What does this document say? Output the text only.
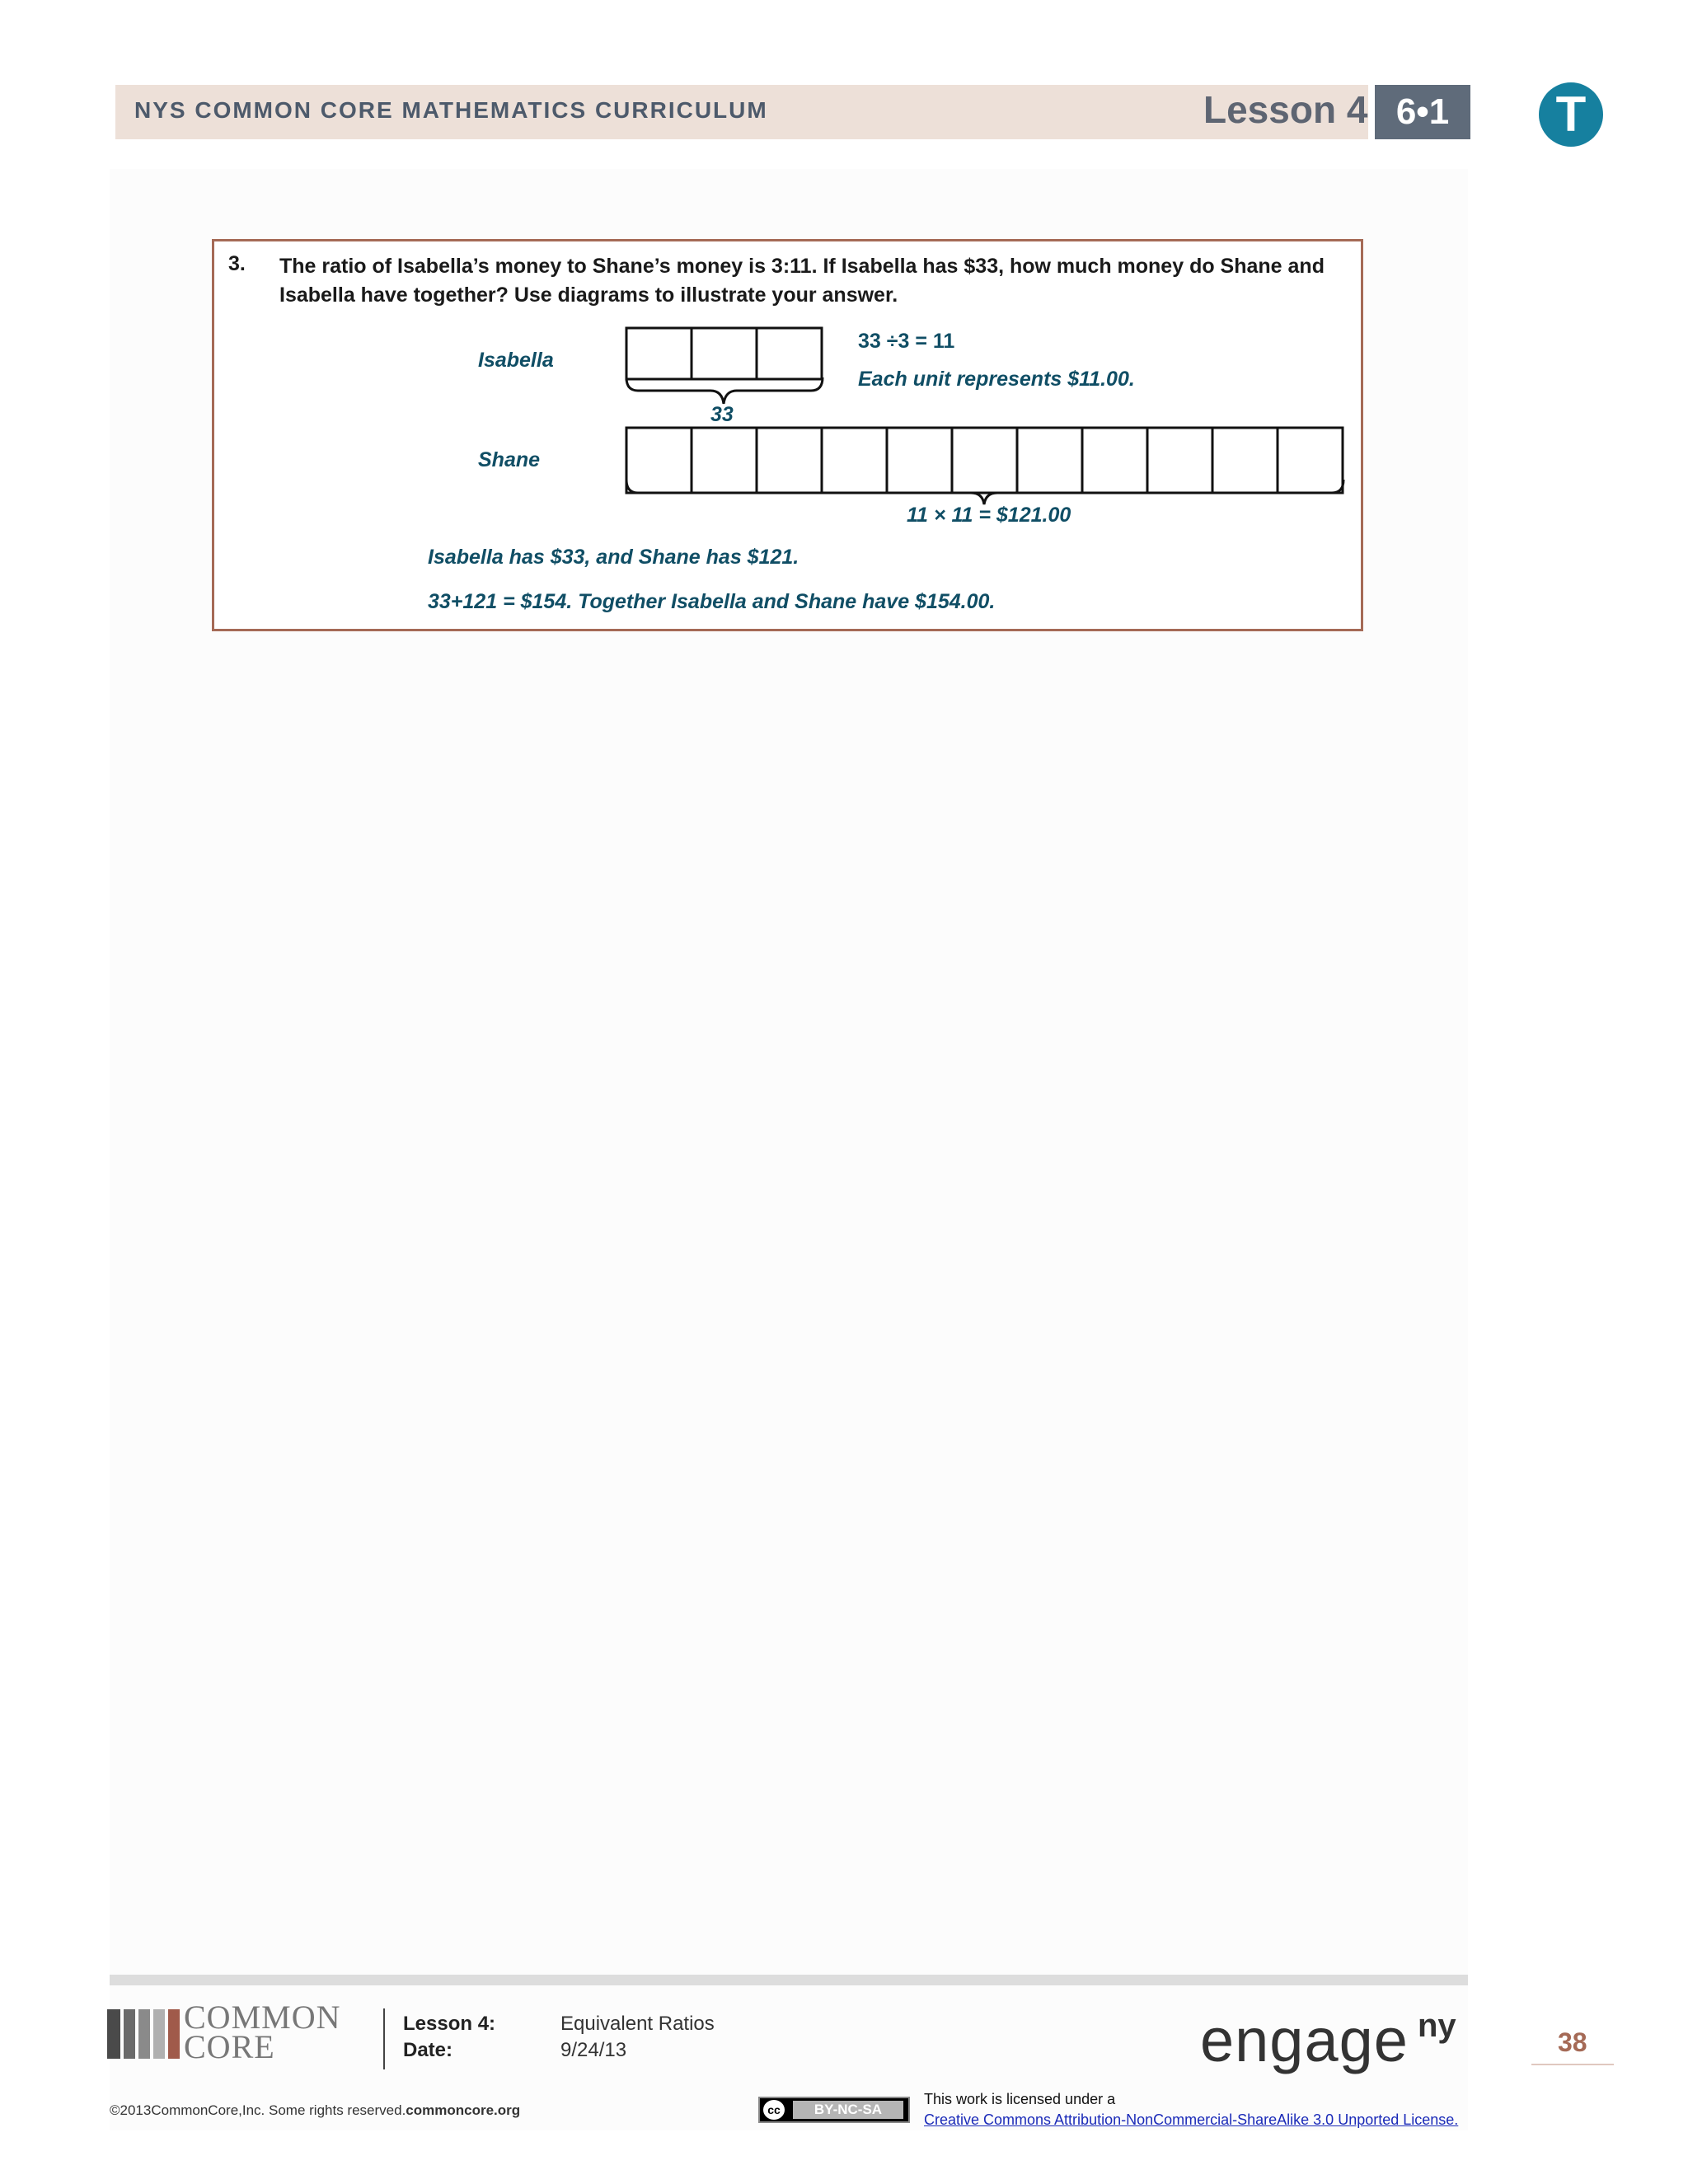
NYS COMMON CORE MATHEMATICS CURRICULUM	Lesson 4 6•1	T
3. The ratio of Isabella’s money to Shane’s money is 3:11. If Isabella has $33, how much money do Shane and Isabella have together? Use diagrams to illustrate your answer.
Isabella
Shane
33 ÷3 = 11
Each unit represents $11.00.
33
11 × 11 = $121.00
Isabella has $33, and Shane has $121.
33+121 = $154. Together Isabella and Shane have $154.00.
COMMON
CORE
Lesson 4:	Equivalent Ratios
Date:	9/24/13	engage ny	38
©2013CommonCore,Inc. Some rights reserved.commoncore.org	cc	BY-NC-SA
This work is licensed under a
Creative Commons Attribution-NonCommercial-ShareAlike 3.0 Unported License.
